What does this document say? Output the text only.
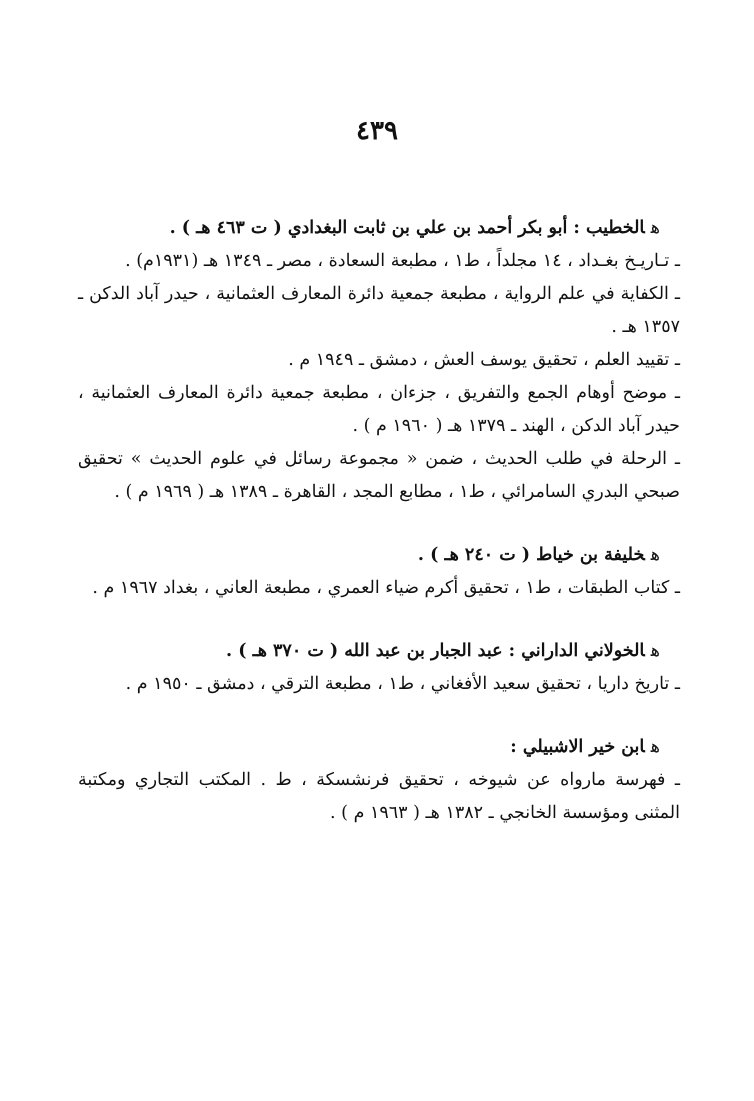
٤٣٩
هالخطيب : أبو بكر أحمد بن علي بن ثابت البغدادي ( ت ٤٦٣ هـ ) .
ـ تـاريـخ بغـداد ، ١٤ مجلداً ، ط١ ، مطبعة السعادة ، مصر ـ ١٣٤٩ هـ (١٩٣١م) .
ـ الكفاية في علم الرواية ، مطبعة جمعية دائرة المعارف العثمانية ، حيدر آباد الدكن ـ ١٣٥٧ هـ .
ـ تقييد العلم ، تحقيق يوسف العش ، دمشق ـ ١٩٤٩ م .
ـ موضح أوهام الجمع والتفريق ، جزءان ، مطبعة جمعية دائرة المعارف العثمانية ، حيدر آباد الدكن ، الهند ـ ١٣٧٩ هـ ( ١٩٦٠ م ) .
ـ الرحلة في طلب الحديث ، ضمن « مجموعة رسائل في علوم الحديث » تحقيق صبحي البدري السامرائي ، ط١ ، مطابع المجد ، القاهرة ـ ١٣٨٩ هـ ( ١٩٦٩ م ) .
هخليفة بن خياط ( ت ٢٤٠ هـ ) .
ـ كتاب الطبقات ، ط١ ، تحقيق أكرم ضياء العمري ، مطبعة العاني ، بغداد ١٩٦٧ م .
هالخولاني الداراني : عبد الجبار بن عبد الله ( ت ٣٧٠ هـ ) .
ـ تاريخ داريا ، تحقيق سعيد الأفغاني ، ط١ ، مطبعة الترقي ، دمشق ـ ١٩٥٠ م .
هابن خير الاشبيلي :
ـ فهرسة مارواه عن شيوخه ، تحقيق فرنشسكة ، ط . المكتب التجاري ومكتبة المثنى ومؤسسة الخانجي ـ ١٣٨٢ هـ ( ١٩٦٣ م ) .
